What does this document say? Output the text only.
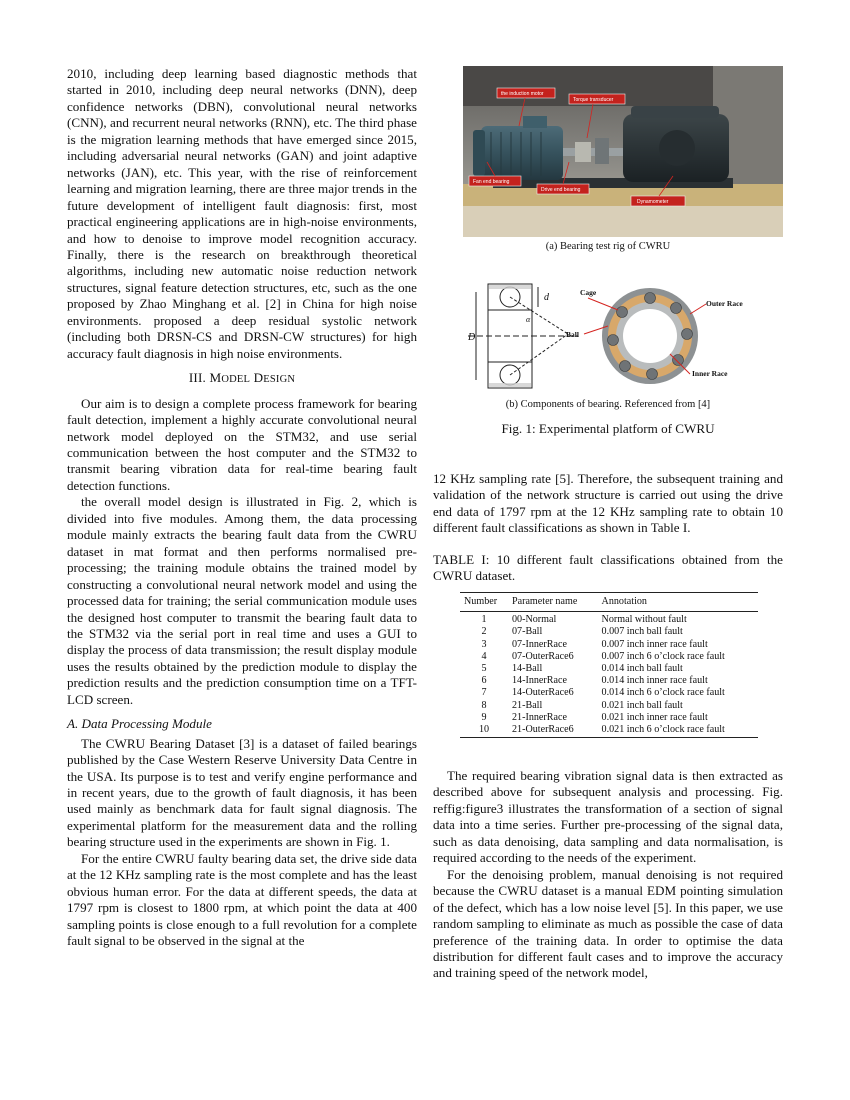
2010, including deep learning based diagnostic methods that started in 2010, including deep neural networks (DNN), deep confidence networks (DBN), convolutional neural networks (CNN), and recurrent neural networks (RNN), etc. The third phase is the migration learning methods that have emerged since 2015, including adversarial neural networks (GAN) and joint adaptive networks (JAN), etc. This year, with the rise of reinforcement learning and migration learning, there are three major trends in the future development of intelligent fault diagnosis: first, most practical engineering applications are in high-noise environments, and how to denoise to improve model recognition accuracy. Finally, there is the research on breakthrough theoretical algorithms, including new automatic noise reduction network structures, signal feature detection structures, etc, such as the one proposed by Zhao Minghang et al. [2] in China for high noise environments. proposed a deep residual systolic network (including both DRSN-CS and DRSN-CW structures) for high accuracy fault diagnosis in high noise environments.

III. MODEL DESIGN

Our aim is to design a complete process framework for bearing fault detection, implement a highly accurate convolutional neural network model deployed on the STM32, and use serial communication between the host computer and the STM32 to transmit bearing vibration data for real-time bearing fault detection functions.

the overall model design is illustrated in Fig. 2, which is divided into five modules. Among them, the data processing module mainly extracts the bearing fault data from the CWRU dataset in mat format and then performs normalised pre-processing; the training module obtains the trained model by constructing a convolutional neural network model and using the processed data for training; the serial communication module uses the designed host computer to transmit the bearing fault data to the STM32 via the serial port in real time and uses a GUI to display the process of data transmission; the result display module uses the results obtained by the prediction module to display the prediction results and the prediction consumption time on a TFT-LCD screen.

A. Data Processing Module

The CWRU Bearing Dataset [3] is a dataset of failed bearings published by the Case Western Reserve University Data Centre in the USA. Its purpose is to test and verify engine performance and in recent years, due to the growth of fault diagnosis, it has been used mainly as benchmark data for fault signal diagnosis. The experimental platform for the measurement data and the rolling bearing structure used in the experiments are shown in Fig. 1.

For the entire CWRU faulty bearing data set, the drive side data at the 12 KHz sampling rate is the most complete and has the least obvious human error. For the data at different speeds, the data at 1797 rpm is closest to 1800 rpm, at which point the data at 400 sampling points is close enough to a full revolution for a complete fault signal to be observed in the signal at the

the induction motor
Torque transducer
Fan end bearing
Drive end bearing
Dynamometer
(a) Bearing test rig of CWRU
d
α
D	Ball
Cage
Outer Race
Inner Race
(b) Components of bearing. Referenced from [4]
Fig. 1: Experimental platform of CWRU

12 KHz sampling rate [5]. Therefore, the subsequent training and validation of the network structure is carried out using the drive end data of 1797 rpm at the 12 KHz sampling rate to obtain 10 different fault classifications as shown in Table I.

TABLE I: 10 different fault classifications obtained from the CWRU dataset.

Number	Parameter name	Annotation
1	00-Normal	Normal without fault
2	07-Ball	0.007 inch ball fault
3	07-InnerRace	0.007 inch inner race fault
4	07-OuterRace6	0.007 inch 6 o’clock race fault
5	14-Ball	0.014 inch ball fault
6	14-InnerRace	0.014 inch inner race fault
7	14-OuterRace6	0.014 inch 6 o’clock race fault
8	21-Ball	0.021 inch ball fault
9	21-InnerRace	0.021 inch inner race fault
10	21-OuterRace6	0.021 inch 6 o’clock race fault

The required bearing vibration signal data is then extracted as described above for subsequent analysis and processing. Fig. reffig:figure3 illustrates the transformation of a section of signal data into a time series. Further pre-processing of the signal data, such as data denoising, data sampling and data normalisation, is required according to the needs of the experiment.

For the denoising problem, manual denoising is not required because the CWRU dataset is a manual EDM pointing simulation of the defect, which has a low noise level [5]. In this paper, we use random sampling to eliminate as much as possible the case of data preference of the training data. In order to optimise the data distribution for different fault cases and to improve the accuracy and training speed of the network model,
